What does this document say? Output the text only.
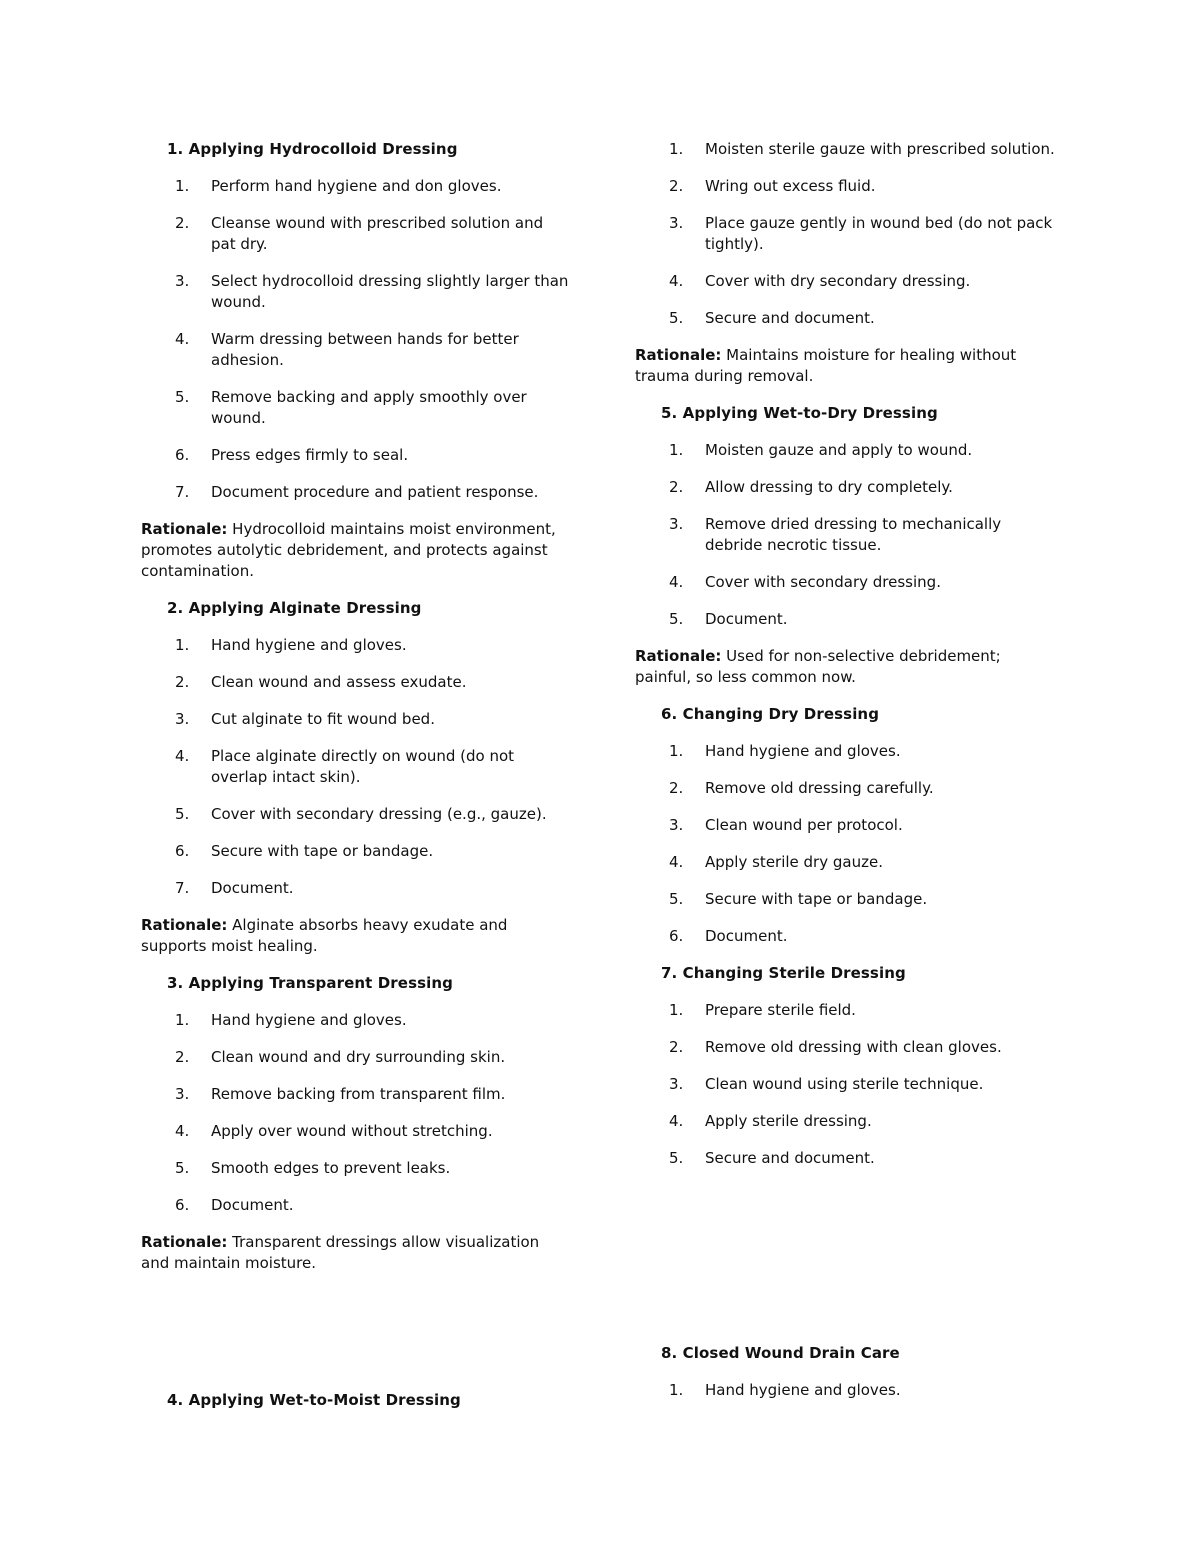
1. Applying Hydrocolloid Dressing
1. Perform hand hygiene and don gloves.
2. Cleanse wound with prescribed solution and pat dry.
3. Select hydrocolloid dressing slightly larger than wound.
4. Warm dressing between hands for better adhesion.
5. Remove backing and apply smoothly over wound.
6. Press edges firmly to seal.
7. Document procedure and patient response.

Rationale: Hydrocolloid maintains moist environment, promotes autolytic debridement, and protects against contamination.

2. Applying Alginate Dressing
1. Hand hygiene and gloves.
2. Clean wound and assess exudate.
3. Cut alginate to fit wound bed.
4. Place alginate directly on wound (do not overlap intact skin).
5. Cover with secondary dressing (e.g., gauze).
6. Secure with tape or bandage.
7. Document.

Rationale: Alginate absorbs heavy exudate and supports moist healing.

3. Applying Transparent Dressing
1. Hand hygiene and gloves.
2. Clean wound and dry surrounding skin.
3. Remove backing from transparent film.
4. Apply over wound without stretching.
5. Smooth edges to prevent leaks.
6. Document.

Rationale: Transparent dressings allow visualization and maintain moisture.

4. Applying Wet-to-Moist Dressing
1. Moisten sterile gauze with prescribed solution.
2. Wring out excess fluid.
3. Place gauze gently in wound bed (do not pack tightly).
4. Cover with dry secondary dressing.
5. Secure and document.

Rationale: Maintains moisture for healing without trauma during removal.

5. Applying Wet-to-Dry Dressing
1. Moisten gauze and apply to wound.
2. Allow dressing to dry completely.
3. Remove dried dressing to mechanically debride necrotic tissue.
4. Cover with secondary dressing.
5. Document.

Rationale: Used for non-selective debridement; painful, so less common now.

6. Changing Dry Dressing
1. Hand hygiene and gloves.
2. Remove old dressing carefully.
3. Clean wound per protocol.
4. Apply sterile dry gauze.
5. Secure with tape or bandage.
6. Document.
7. Changing Sterile Dressing
1. Prepare sterile field.
2. Remove old dressing with clean gloves.
3. Clean wound using sterile technique.
4. Apply sterile dressing.
5. Secure and document.
8. Closed Wound Drain Care
1. Hand hygiene and gloves.
